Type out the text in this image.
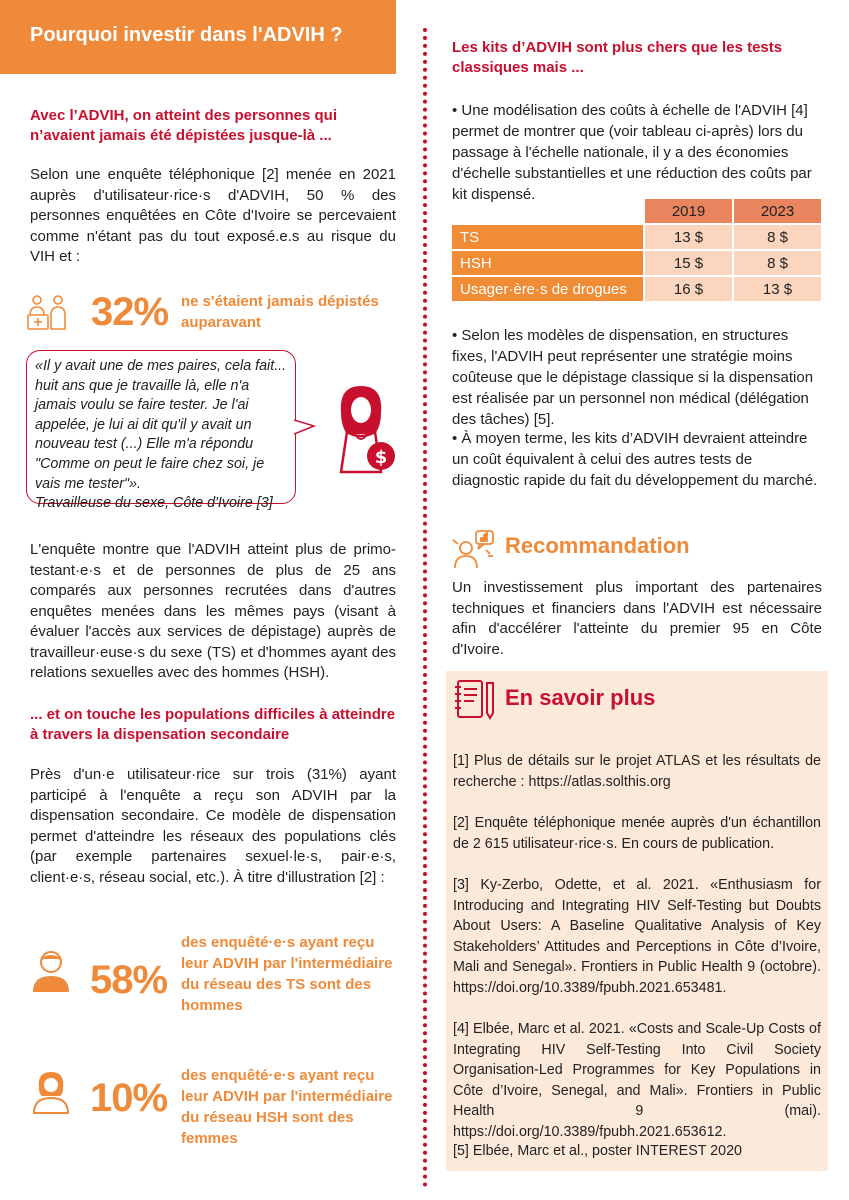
Pourquoi investir dans l'ADVIH ?

Avec l’ADVIH, on atteint des personnes qui n’avaient jamais été dépistées jusque-là ...

Selon une enquête téléphonique [2] menée en 2021 auprès d'utilisateur·rice·s d'ADVIH, 50 % des personnes enquêtées en Côte d'Ivoire se percevaient comme n'étant pas du tout exposé.e.s au risque du VIH et :

32% ne s'étaient jamais dépistés auparavant

«Il y avait une de mes paires, cela fait... huit ans que je travaille là, elle n'a jamais voulu se faire tester. Je l'ai appelée, je lui ai dit qu'il y avait un nouveau test (...) Elle m'a répondu "Comme on peut le faire chez soi, je vais me tester"».

Travailleuse du sexe, Côte d'Ivoire [3]

$

L'enquête montre que l'ADVIH atteint plus de primo-testant·e·s et de personnes de plus de 25 ans comparés aux personnes recrutées dans d'autres enquêtes menées dans les mêmes pays (visant à évaluer l'accès aux services de dépistage) auprès de travailleur·euse·s du sexe (TS) et d'hommes ayant des relations sexuelles avec des hommes (HSH).

... et on touche les populations difficiles à atteindre à travers la dispensation secondaire

Près d'un·e utilisateur·rice sur trois (31%) ayant participé à l'enquête a reçu son ADVIH par la dispensation secondaire. Ce modèle de dispensation permet d'atteindre les réseaux des populations clés (par exemple partenaires sexuel·le·s, pair·e·s, client·e·s, réseau social, etc.). À titre d'illustration [2] :

58%
des enquêté·e·s ayant reçu leur ADVIH par l'intermédiaire du réseau des TS sont des hommes
10%
des enquêté·e·s ayant reçu leur ADVIH par l'intermédiaire du réseau HSH sont des femmes

Les kits d’ADVIH sont plus chers que les tests classiques mais ...

• Une modélisation des coûts à échelle de l'ADVIH [4] permet de montrer que (voir tableau ci-après) lors du passage à l'échelle nationale, il y a des économies d'échelle substantielles et une réduction des coûts par kit dispensé.

	2019	2023
TS	13 $	8 $
HSH	15 $	8 $
Usager·ère·s de drogues	16 $	13 $

• Selon les modèles de dispensation, en structures fixes, l'ADVIH peut représenter une stratégie moins coûteuse que le dépistage classique si la dispensation est réalisée par un personnel non médical (délégation des tâches) [5].

• À moyen terme, les kits d’ADVIH devraient atteindre un coût équivalent à celui des autres tests de diagnostic rapide du fait du développement du marché.

Recommandation

Un investissement plus important des partenaires techniques et financiers dans l'ADVIH est nécessaire afin d'accélérer l'atteinte du premier 95 en Côte d'Ivoire.

En savoir plus

[1] Plus de détails sur le projet ATLAS et les résultats de recherche : https://atlas.solthis.org

[2] Enquête téléphonique menée auprès d'un échantillon de 2 615 utilisateur·rice·s. En cours de publication.

[3] Ky-Zerbo, Odette, et al. 2021. «Enthusiasm for Introducing and Integrating HIV Self-Testing but Doubts About Users: A Baseline Qualitative Analysis of Key Stakeholders’ Attitudes and Perceptions in Côte d’Ivoire, Mali and Senegal». Frontiers in Public Health 9 (octobre). https://doi.org/10.3389/fpubh.2021.653481.

[4] Elbée, Marc et al. 2021. «Costs and Scale-Up Costs of Integrating HIV Self-Testing Into Civil Society Organisation-Led Programmes for Key Populations in Côte d’Ivoire, Senegal, and Mali». Frontiers in Public Health 9 (mai). https://doi.org/10.3389/fpubh.2021.653612.

[5] Elbée, Marc et al., poster INTEREST 2020
